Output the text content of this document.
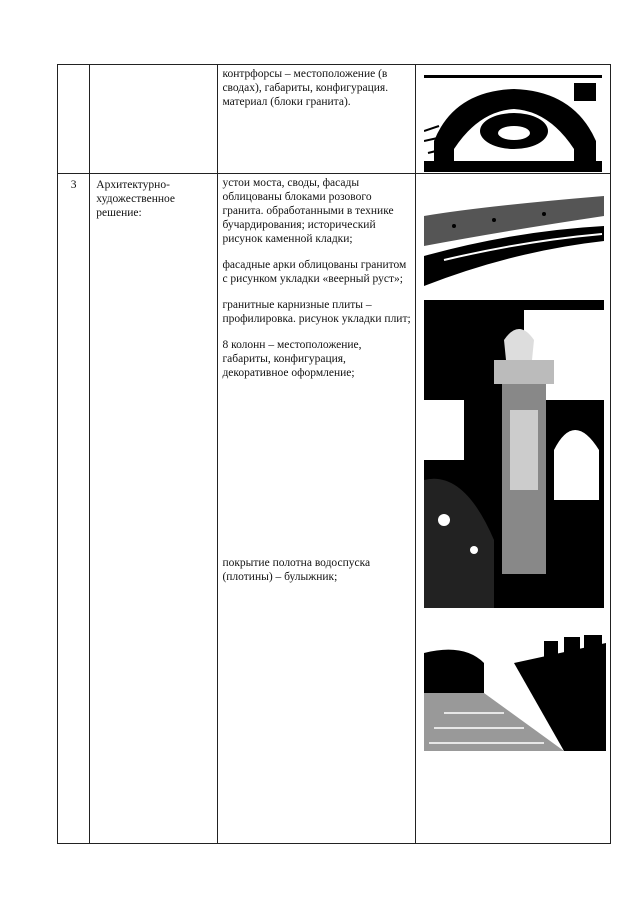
		контрфорсы – местоположение (в сводах), габариты, конфигурация. материал (блоки гранита).

3	Архитектурно-художественное решение:	устои моста, своды, фасады облицованы блоками розового гранита. обработанными в технике бучардирования; исторический рисунок каменной кладки;

фасадные арки облицованы гранитом с рисунком укладки «веерный руст»;

гранитные карнизные плиты – профилировка. рисунок укладки плит;

8 колонн – местоположение, габариты, конфигурация, декоративное оформление;

покрытие полотна водоспуска (плотины) – булыжник;
